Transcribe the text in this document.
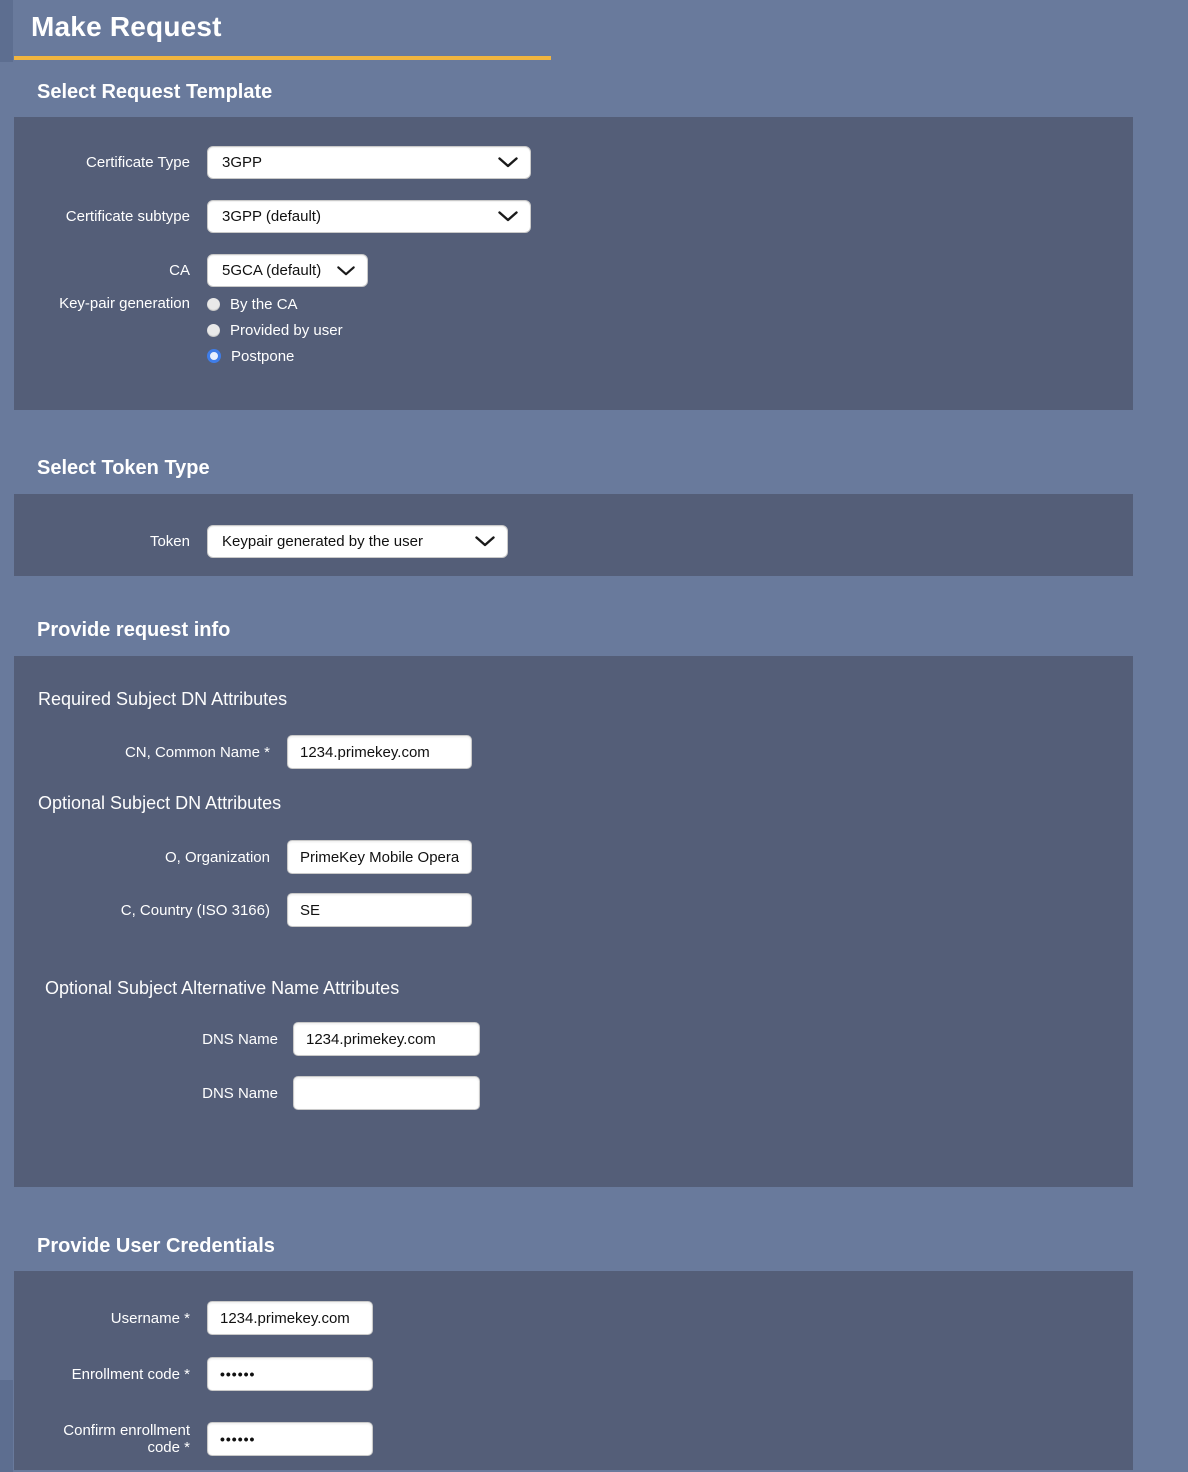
Make Request
Select Request Template
Certificate Type 3GPP
Certificate subtype 3GPP (default)
CA 5GCA (default)
Key-pair generation	By the CA
Provided by user
Postpone
Select Token Type
Token Keypair generated by the user
Provide request info
Required Subject DN Attributes
CN, Common Name *
1234.primekey.com
Optional Subject DN Attributes
O, Organization
PrimeKey Mobile Opera
C, Country (ISO 3166)
SE
Optional Subject Alternative Name Attributes
DNS Name
1234.primekey.com
DNS Name
Provide User Credentials
Username *
1234.primekey.com
Enrollment code *
••••••
Confirm enrollment code *
••••••
